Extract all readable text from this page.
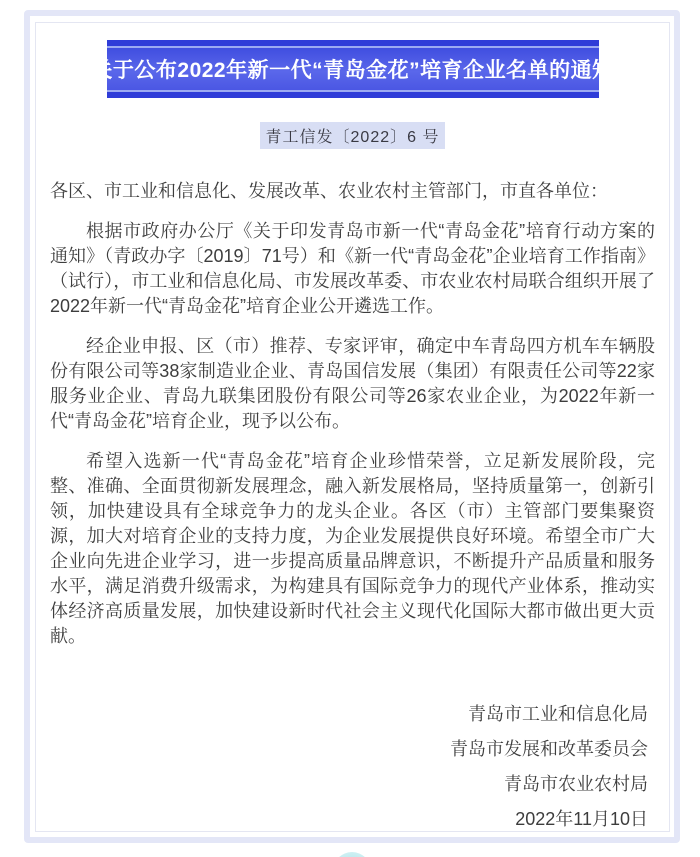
关于公布2022年新一代“青岛金花”培育企业名单的通知
青工信发〔2022〕6 号

各区、市工业和信息化、发展改革、农业农村主管部门，市直各单位：

根据市政府办公厅《关于印发青岛市新一代“青岛金花”培育行动方案的通知》（青政办字〔2019〕71号）和《新一代“青岛金花”企业培育工作指南》（试行），市工业和信息化局、市发展改革委、市农业农村局联合组织开展了2022年新一代“青岛金花”培育企业公开遴选工作。

经企业申报、区（市）推荐、专家评审，确定中车青岛四方机车车辆股份有限公司等38家制造业企业、青岛国信发展（集团）有限责任公司等22家服务业企业、青岛九联集团股份有限公司等26家农业企业，为2022年新一代“青岛金花”培育企业，现予以公布。

希望入选新一代“青岛金花”培育企业珍惜荣誉，立足新发展阶段，完整、准确、全面贯彻新发展理念，融入新发展格局，坚持质量第一，创新引领，加快建设具有全球竞争力的龙头企业。各区（市）主管部门要集聚资源，加大对培育企业的支持力度，为企业发展提供良好环境。希望全市广大企业向先进企业学习，进一步提高质量品牌意识，不断提升产品质量和服务水平，满足消费升级需求，为构建具有国际竞争力的现代产业体系，推动实体经济高质量发展，加快建设新时代社会主义现代化国际大都市做出更大贡献。

青岛市工业和信息化局

青岛市发展和改革委员会

青岛市农业农村局

2022年11月10日
